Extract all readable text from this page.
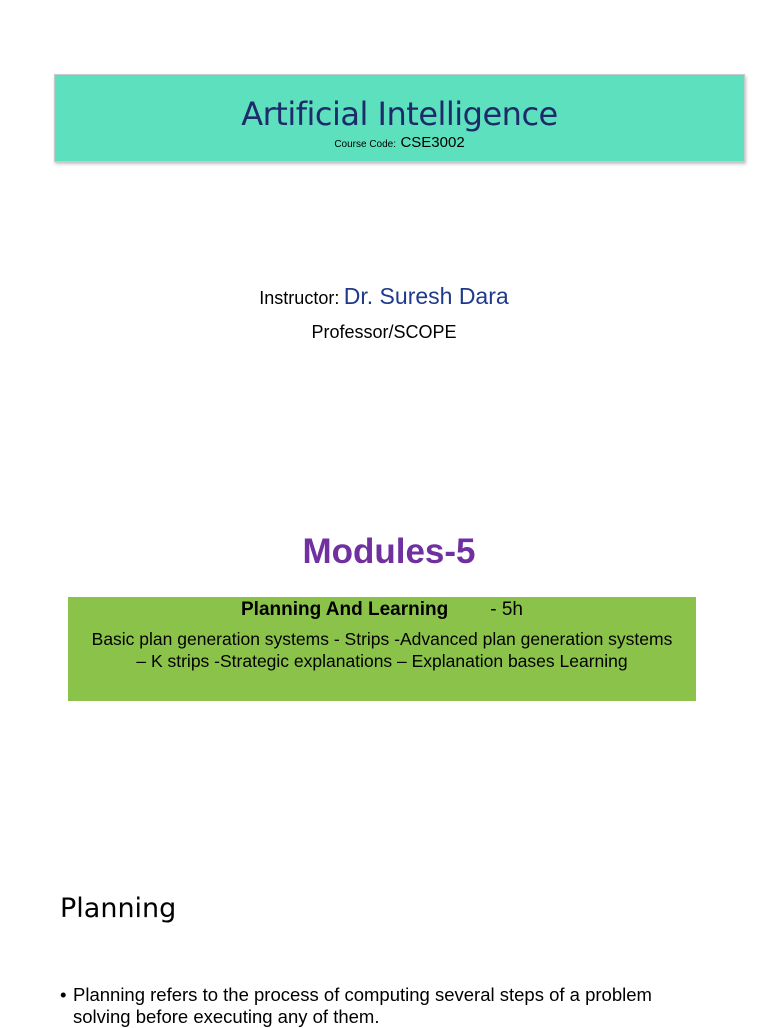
Artificial Intelligence
Course Code: CSE3002
Instructor: Dr. Suresh Dara
Professor/SCOPE
Modules-5
Planning And Learning - 5h
Basic plan generation systems - Strips -Advanced plan generation systems – K strips -Strategic explanations – Explanation bases Learning
Planning
• Planning refers to the process of computing several steps of a problem solving before executing any of them.
